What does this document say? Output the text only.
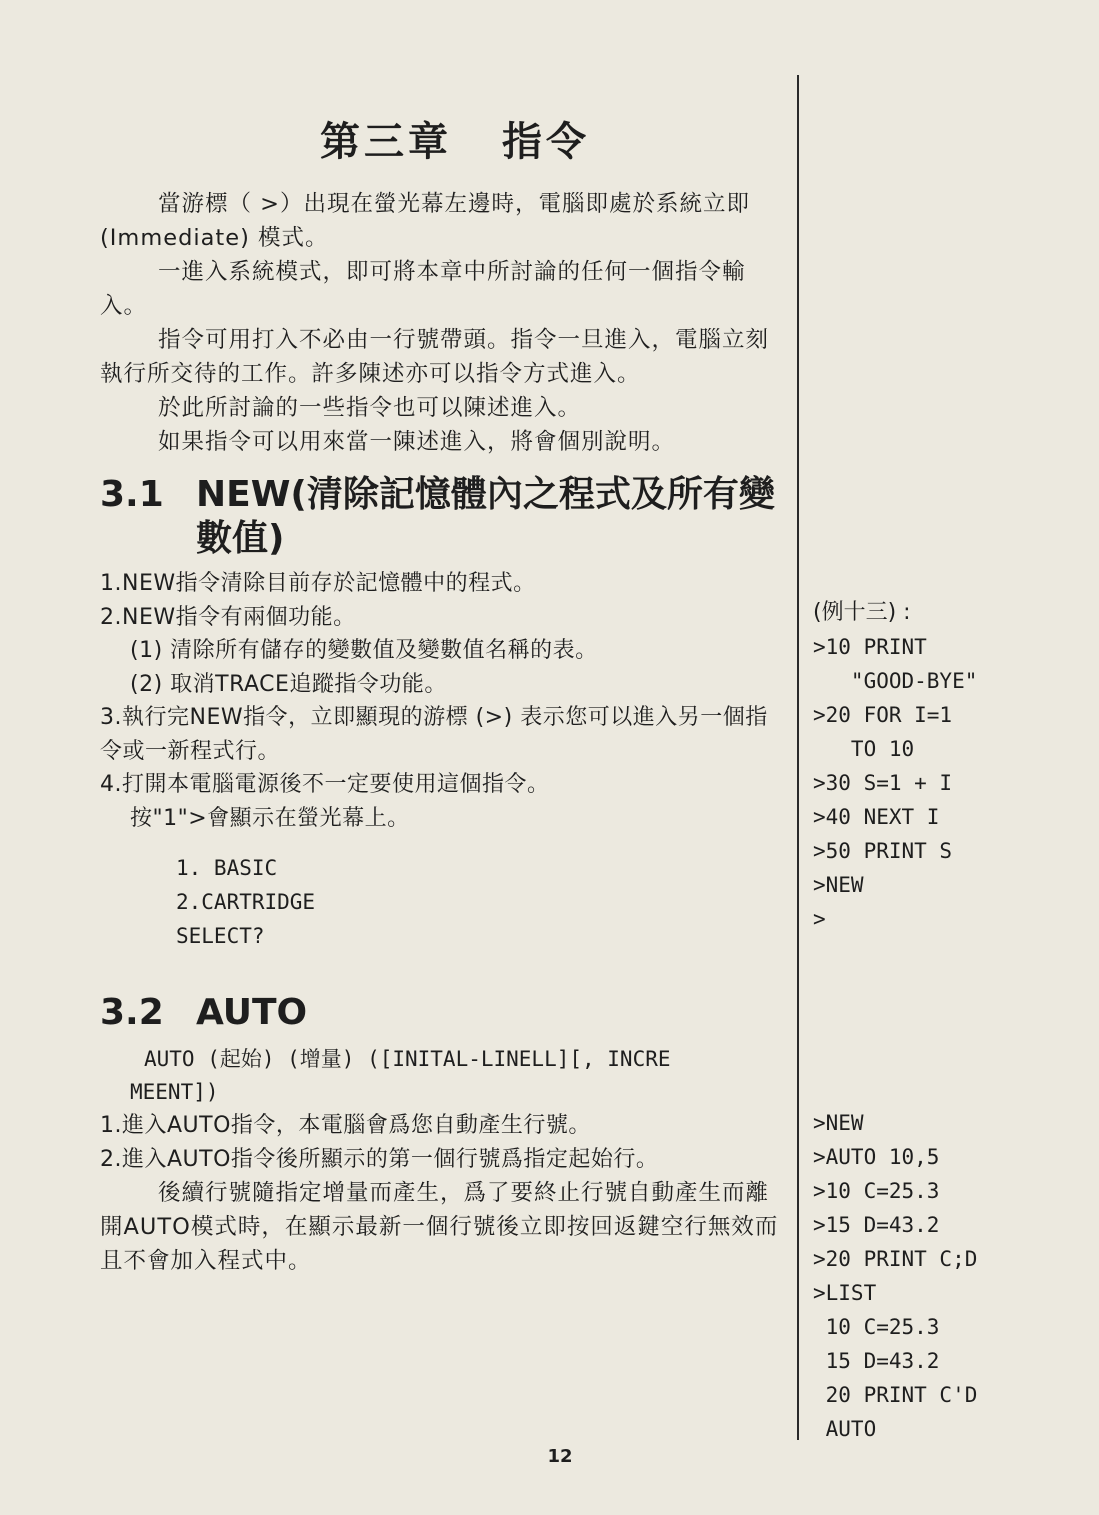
第三章 指令

當游標（ >）出現在螢光幕左邊時，電腦即處於系統立即 (Immediate) 模式。

一進入系統模式，即可將本章中所討論的任何一個指令輸入。

指令可用打入不必由一行號帶頭。指令一旦進入，電腦立刻執行所交待的工作。許多陳述亦可以指令方式進入。

於此所討論的一些指令也可以陳述進入。

如果指令可以用來當一陳述進入，將會個別說明。

3.1 NEW(清除記憶體內之程式及所有變數值)

1.NEW指令清除目前存於記憶體中的程式。

2.NEW指令有兩個功能。

(1) 清除所有儲存的變數值及變數值名稱的表。

(2) 取消TRACE追蹤指令功能。

3.執行完NEW指令，立即顯現的游標 (>) 表示您可以進入另一個指令或一新程式行。

4.打開本電腦電源後不一定要使用這個指令。

按"1">會顯示在螢光幕上。

1. BASIC
2.CARTRIDGE
SELECT?
3.2 AUTO

AUTO (起始) (增量) ([INITAL-LINELL][, INCRE

MEENT])

1.進入AUTO指令，本電腦會爲您自動產生行號。

2.進入AUTO指令後所顯示的第一個行號爲指定起始行。

後續行號隨指定增量而產生，爲了要終止行號自動產生而離開AUTO模式時，在顯示最新一個行號後立即按回返鍵空行無效而且不會加入程式中。

(例十三) :

>10 PRINT

"GOOD-BYE"

>20 FOR I=1

TO 10

>30 S=1 + I

>40 NEXT I

>50 PRINT S

>NEW

>

>NEW

>AUTO 10,5

>10 C=25.3

>15 D=43.2

>20 PRINT C;D

>LIST

10 C=25.3

15 D=43.2

20 PRINT C'D

AUTO

12
